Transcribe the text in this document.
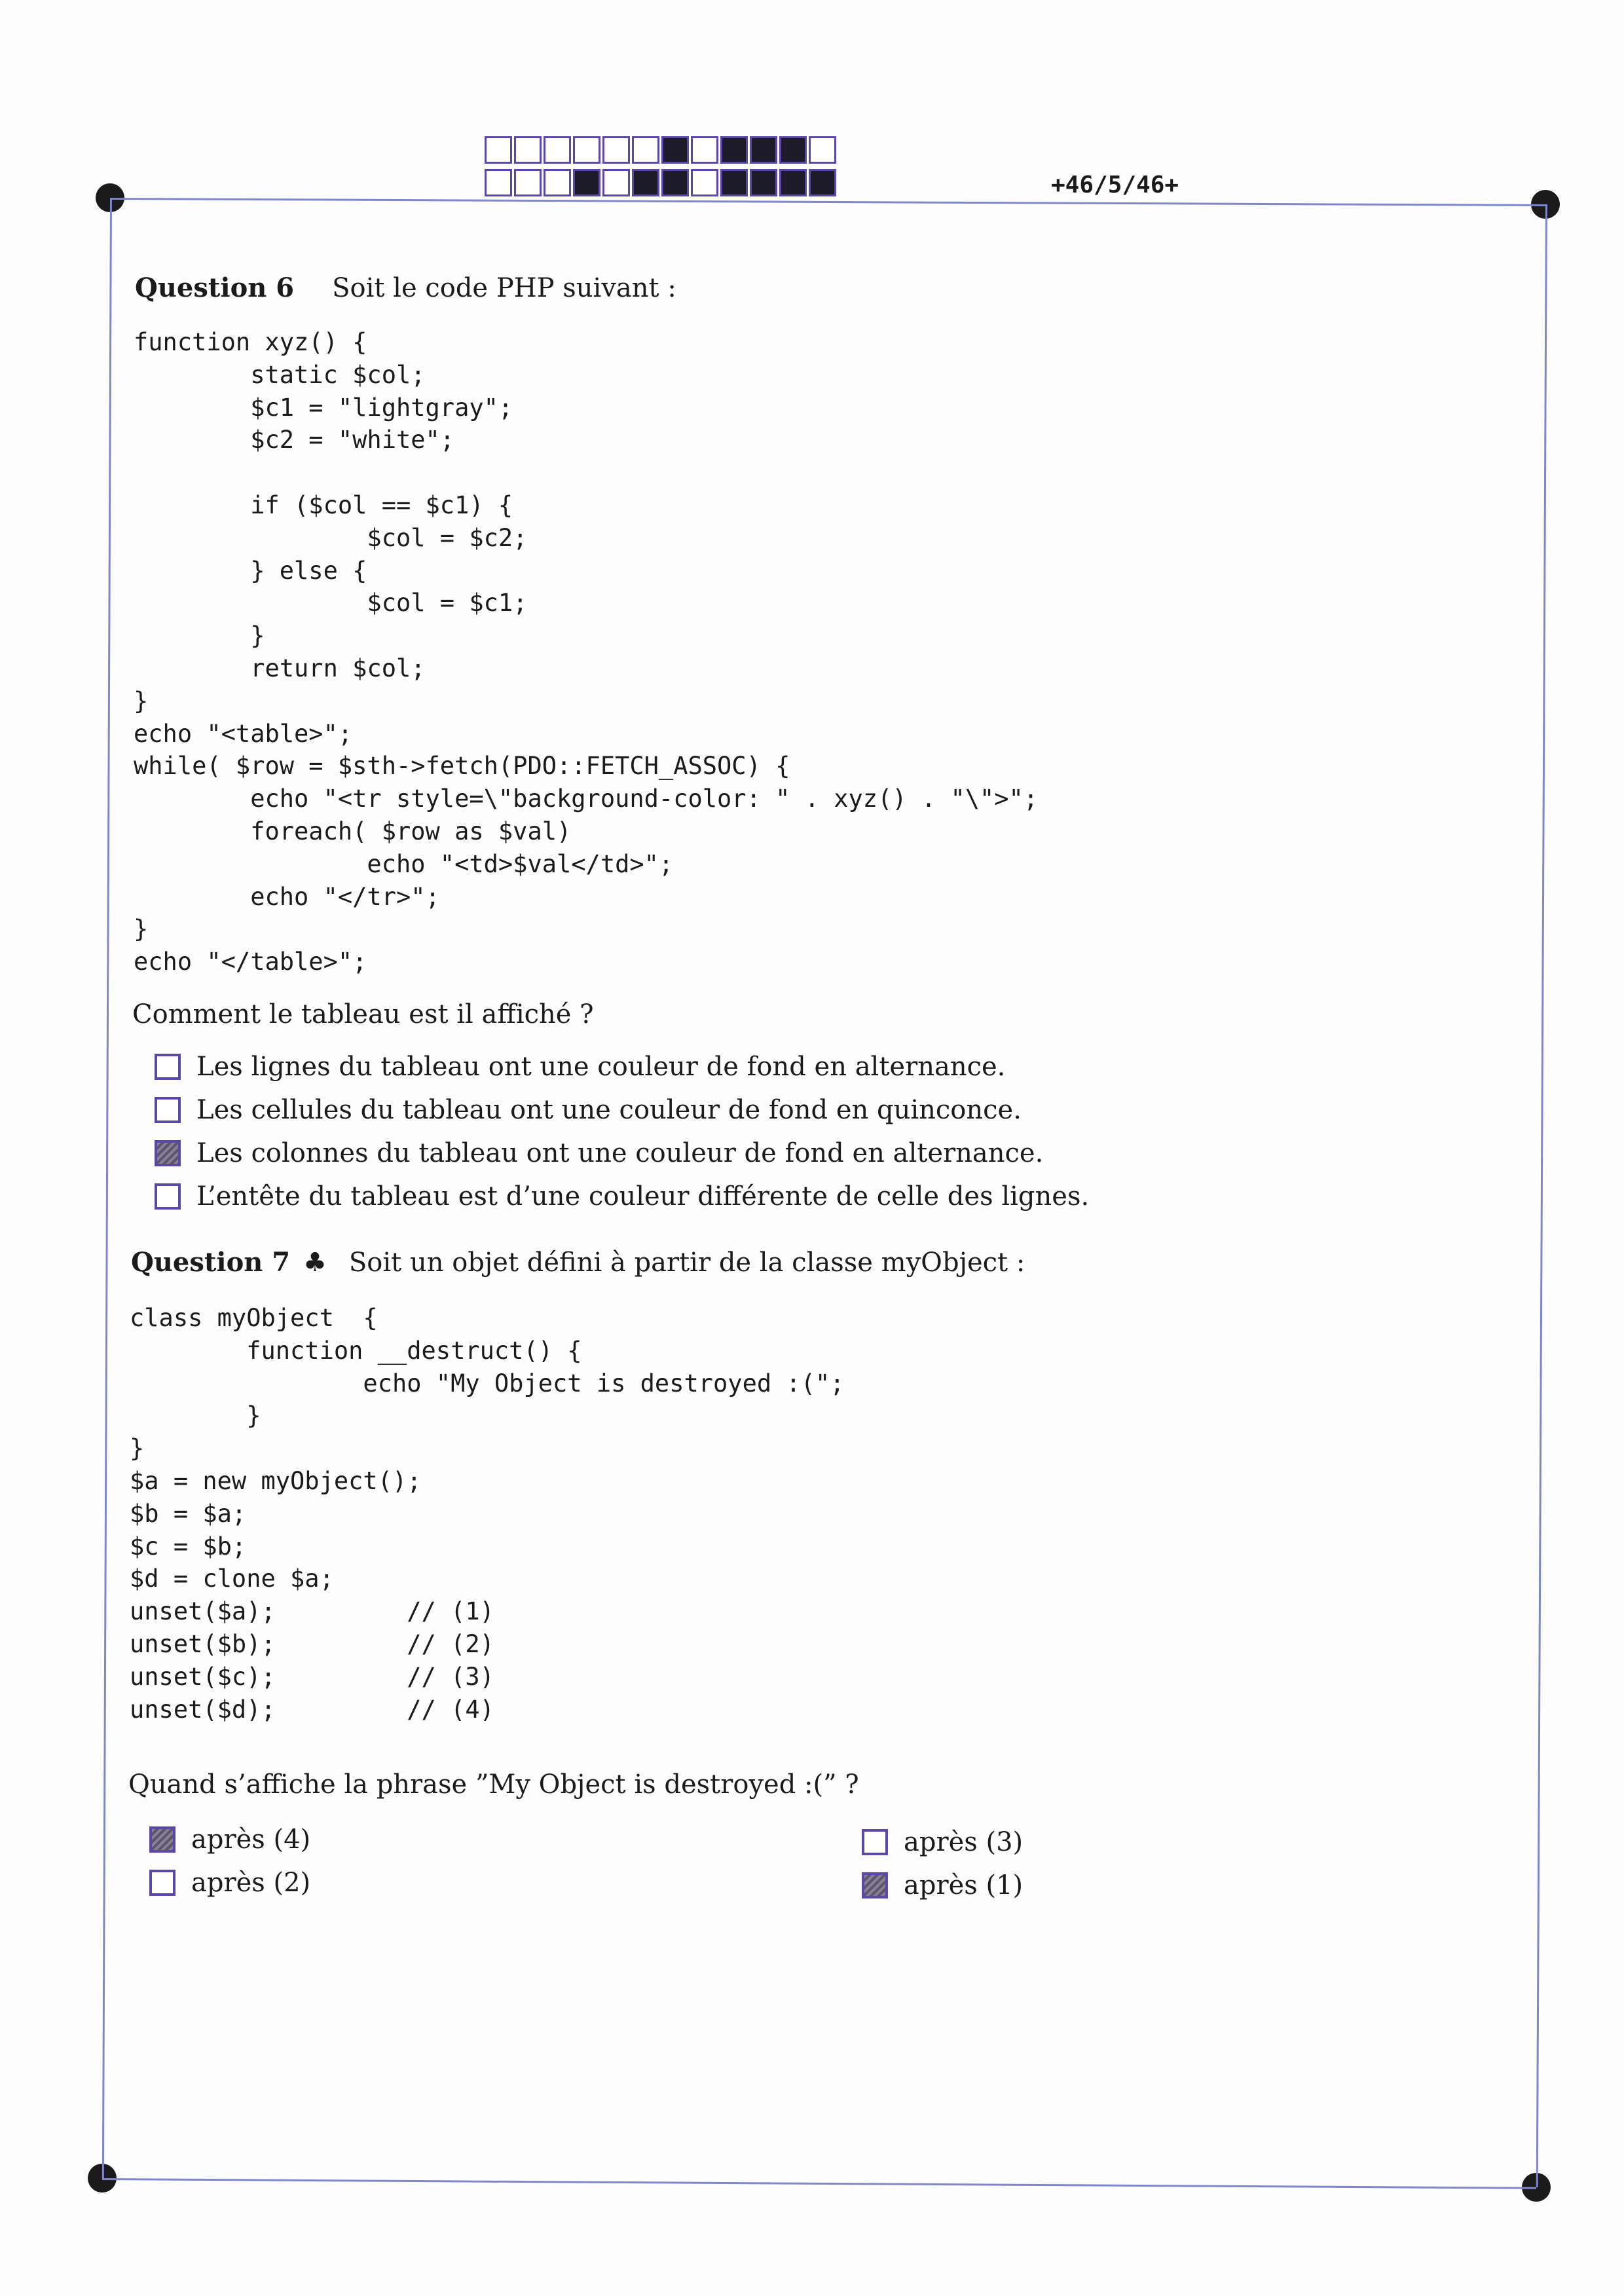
+46/5/46+
Question 6 Soit le code PHP suivant :
function xyz() {
static $col;
$c1 = "lightgray";
$c2 = "white";

if ($col == $c1) {
$col = $c2;
} else {
$col = $c1;
}
return $col;
}
echo "<table>";
while( $row = $sth->fetch(PDO::FETCH_ASSOC) {
echo "<tr style=\"background-color: " . xyz() . "\">";
foreach( $row as $val)
echo "<td>$val</td>";
echo "</tr>";
}
echo "</table>";
Comment le tableau est il affiché ?
Les lignes du tableau ont une couleur de fond en alternance.
Les cellules du tableau ont une couleur de fond en quinconce.
Les colonnes du tableau ont une couleur de fond en alternance.
L’entête du tableau est d’une couleur différente de celle des lignes.
Question 7 ♣ Soit un objet défini à partir de la classe myObject :
class myObject  {
function __destruct() {
echo "My Object is destroyed :(";
}
}
$a = new myObject();
$b = $a;
$c = $b;
$d = clone $a;
unset($a);         // (1)
unset($b);         // (2)
unset($c);         // (3)
unset($d);         // (4)
Quand s’affiche la phrase ”My Object is destroyed :(” ?
après (4)	après (3)
après (2)	après (1)
